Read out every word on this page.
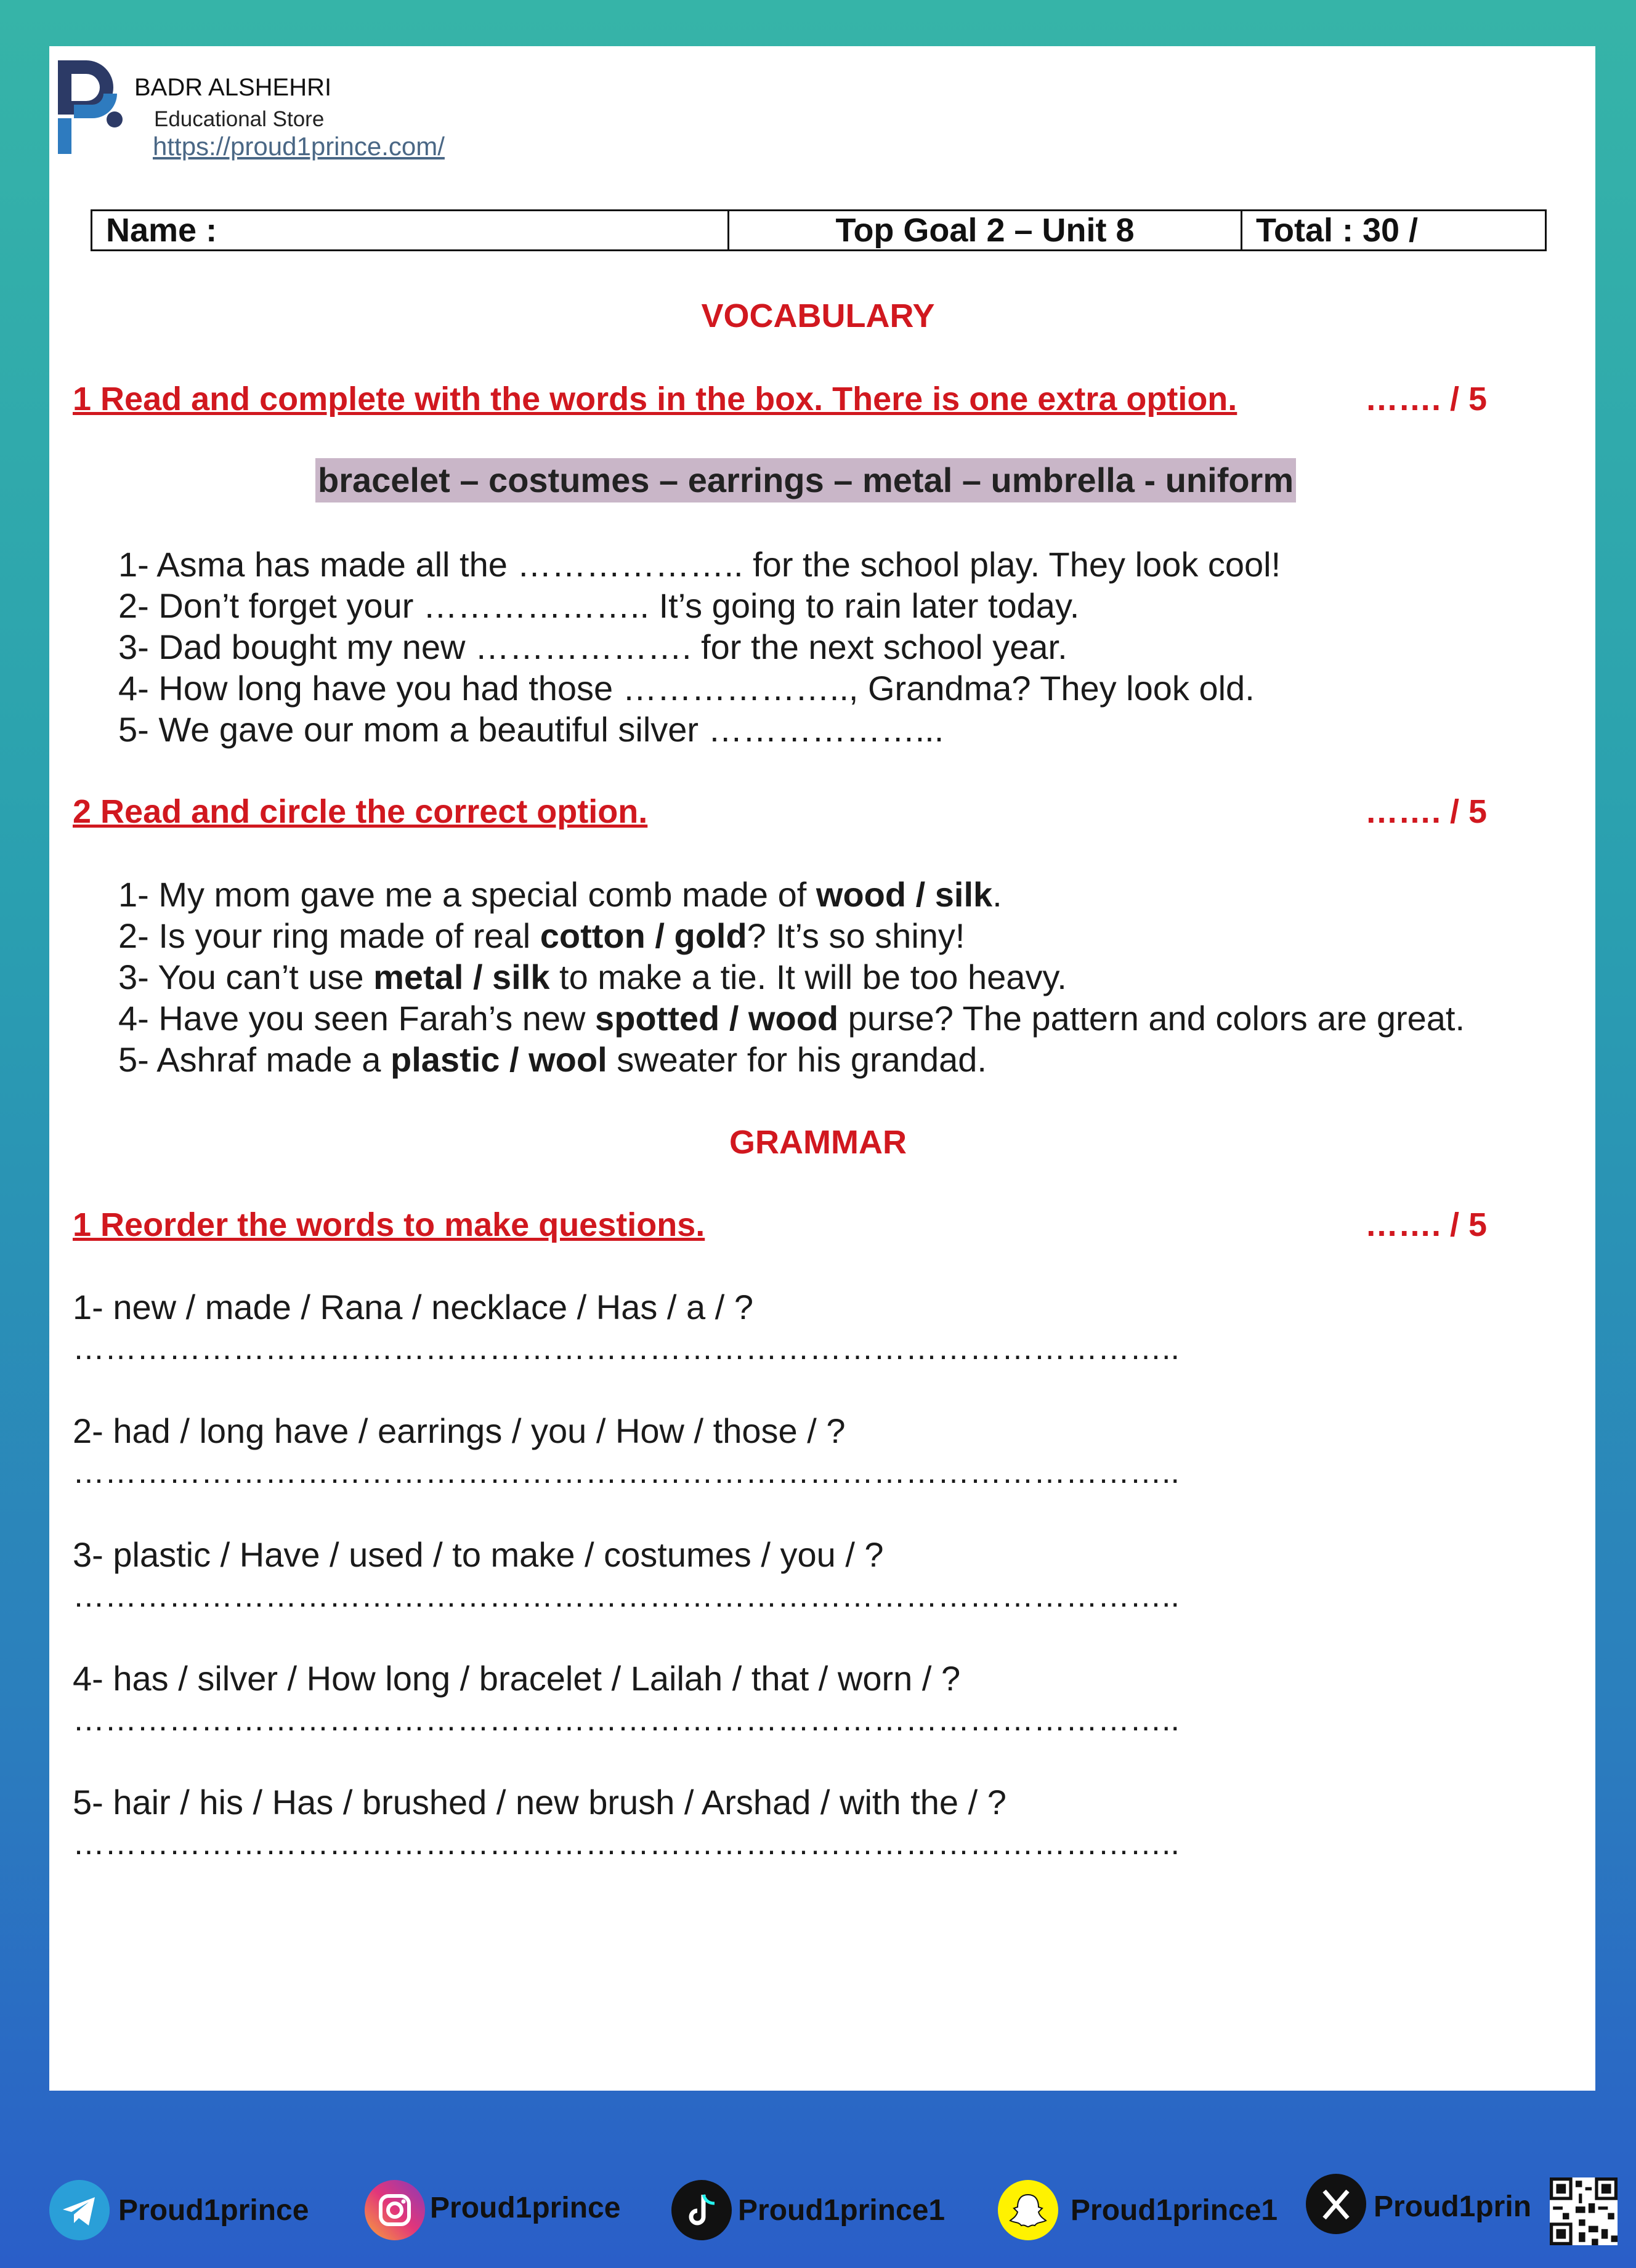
BADR ALSHEHRI
Educational Store
https://proud1prince.com/
Name :	Top Goal 2 – Unit 8	Total : 30 /
VOCABULARY
1 Read and complete with the words in the box. There is one extra option.	……. / 5
bracelet – costumes – earrings – metal – umbrella - uniform
1- Asma has made all the ……………….. for the school play. They look cool!
2- Don’t forget your ……………….. It’s going to rain later today.
3- Dad bought my new ………………. for the next school year.
4- How long have you had those ……………….., Grandma? They look old.
5- We gave our mom a beautiful silver ………………...
2 Read and circle the correct option.	……. / 5
1- My mom gave me a special comb made of wood / silk.
2- Is your ring made of real cotton / gold? It’s so shiny!
3- You can’t use metal / silk to make a tie. It will be too heavy.
4- Have you seen Farah’s new spotted / wood purse? The pattern and colors are great.
5- Ashraf made a plastic / wool sweater for his grandad.
GRAMMAR
1 Reorder the words to make questions.	……. / 5
1- new / made / Rana / necklace / Has / a / ?
…………………………………………………………………………………………..
2- had / long have / earrings / you / How / those / ?
…………………………………………………………………………………………..
3- plastic / Have / used / to make / costumes / you / ?
…………………………………………………………………………………………..
4- has / silver / How long / bracelet / Lailah / that / worn / ?
…………………………………………………………………………………………..
5- hair / his / Has / brushed / new brush / Arshad / with the / ?
…………………………………………………………………………………………..
Proud1prince	Proud1prince	Proud1prince1	Proud1prince1	Proud1prin
